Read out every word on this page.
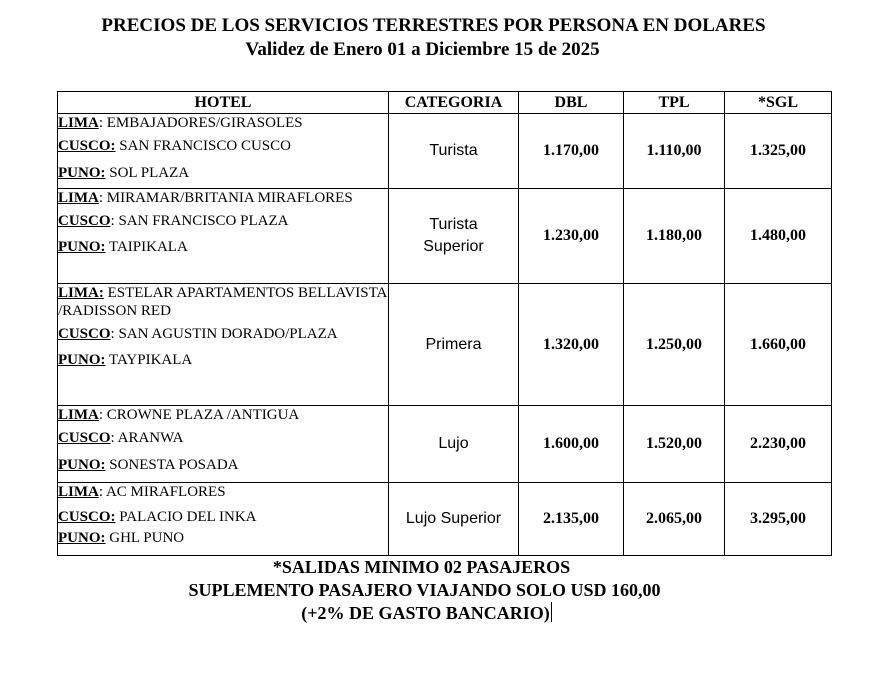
PRECIOS DE LOS SERVICIOS TERRESTRES POR PERSONA EN DOLARES
Validez de Enero 01 a Diciembre 15 de 2025
HOTEL	CATEGORIA	DBL	TPL	*SGL

LIMA: EMBAJADORES/GIRASOLES
CUSCO: SAN FRANCISCO CUSCO
PUNO: SOL PLAZA	Turista	1.170,00	1.110,00	1.325,00

LIMA: MIRAMAR/BRITANIA MIRAFLORES
CUSCO: SAN FRANCISCO PLAZA
PUNO: TAIPIKALA	Turista
Superior	1.230,00	1.180,00	1.480,00

LIMA: ESTELAR APARTAMENTOS BELLAVISTA /RADISSON RED
CUSCO: SAN AGUSTIN DORADO/PLAZA
PUNO: TAYPIKALA	Primera	1.320,00	1.250,00	1.660,00

LIMA: CROWNE PLAZA /ANTIGUA
CUSCO: ARANWA
PUNO: SONESTA POSADA	Lujo	1.600,00	1.520,00	2.230,00

LIMA: AC MIRAFLORES
CUSCO: PALACIO DEL INKA
PUNO: GHL PUNO	Lujo Superior	2.135,00	2.065,00	3.295,00
*SALIDAS MINIMO 02 PASAJEROS
SUPLEMENTO PASAJERO VIAJANDO SOLO USD 160,00
(+2% DE GASTO BANCARIO)
